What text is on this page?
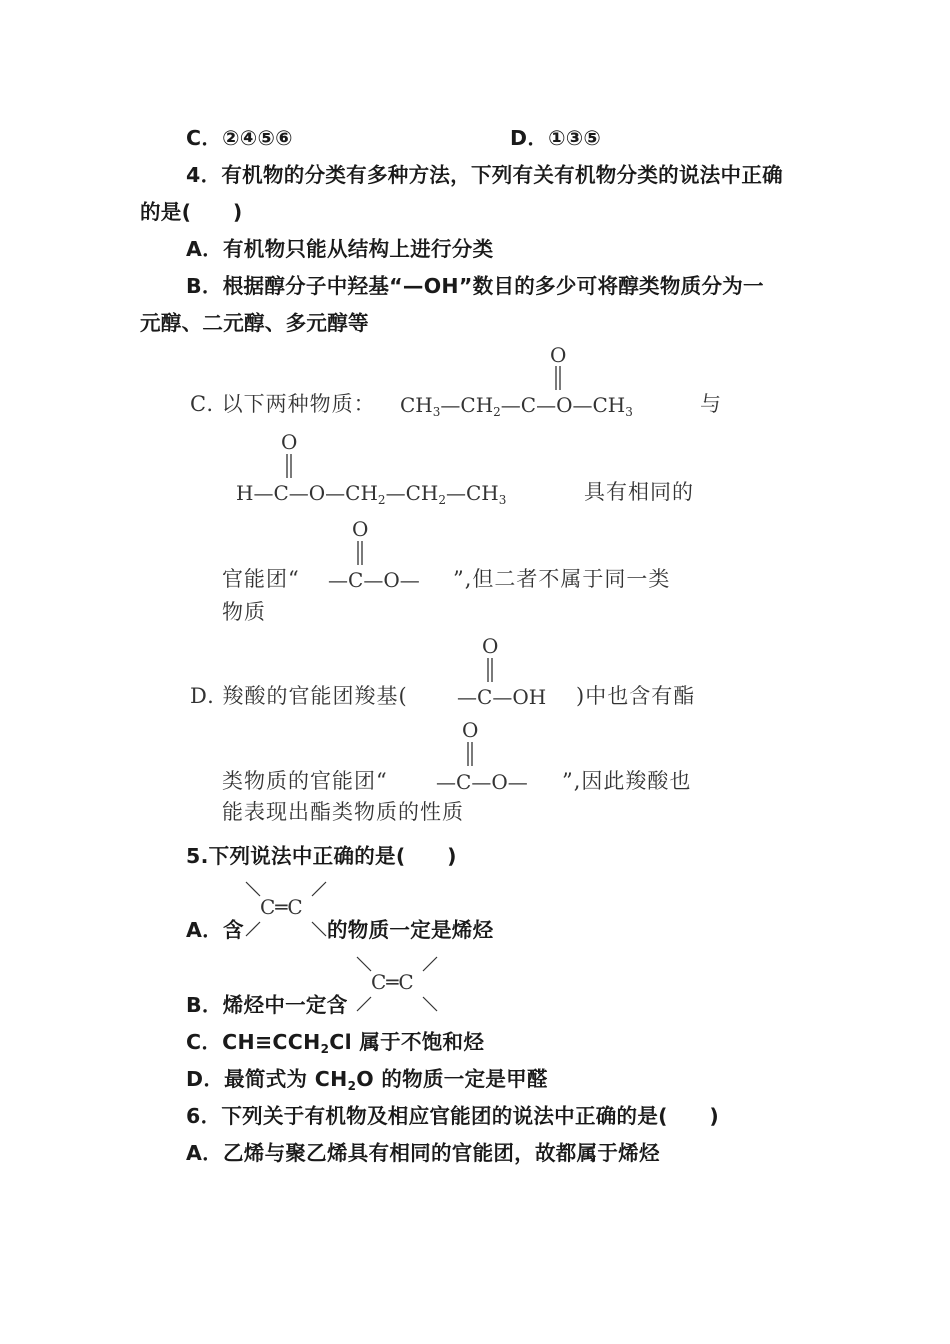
C．②④⑤⑥	D．①③⑤
4．有机物的分类有多种方法，下列有关有机物分类的说法中正确
的是(　　)
A．有机物只能从结构上进行分类
B．根据醇分子中羟基“—OH”数目的多少可将醇类物质分为一
元醇、二元醇、多元醇等
C. 以下两种物质： $CH_3—CH_2—C—O—CH_3$
O
与
$H—C—O—CH_2—CH_2—CH_3$
O
具有相同的
官能团“ —C—O—
O
”,但二者不属于同一类
物质
D. 羧酸的官能团羧基( —C—OH
O
)中也含有酯
类物质的官能团“ —C—O—
O
”,因此羧酸也
能表现出酯类物质的性质
5.下列说法中正确的是(　　)
A．含
C═C
的物质一定是烯烃
B．烯烃中一定含
C═C
C．CH≡CCH2Cl 属于不饱和烃
D．最简式为 CH2O 的物质一定是甲醛
6．下列关于有机物及相应官能团的说法中正确的是(　　)
A．乙烯与聚乙烯具有相同的官能团，故都属于烯烃
